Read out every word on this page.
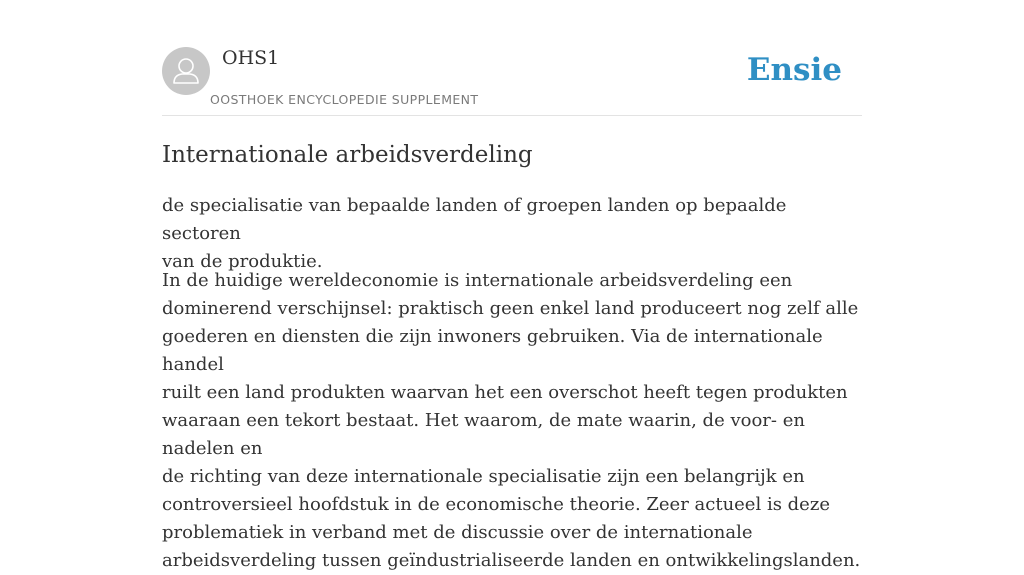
OHS1
OOSTHOEK ENCYCLOPEDIE SUPPLEMENT
Ensie
Internationale arbeidsverdeling

de specialisatie van bepaalde landen of groepen landen op bepaalde sectoren
van de produktie.

In de huidige wereldeconomie is internationale arbeidsverdeling een
dominerend verschijnsel: praktisch geen enkel land produceert nog zelf alle
goederen en diensten die zijn inwoners gebruiken. Via de internationale handel
ruilt een land produkten waarvan het een overschot heeft tegen produkten
waaraan een tekort bestaat. Het waarom, de mate waarin, de voor- en nadelen en
de richting van deze internationale specialisatie zijn een belangrijk en
controversieel hoofdstuk in de economische theorie. Zeer actueel is deze
problematiek in verband met de discussie over de internationale
arbeidsverdeling tussen geïndustrialiseerde landen en ontwikkelingslanden.
